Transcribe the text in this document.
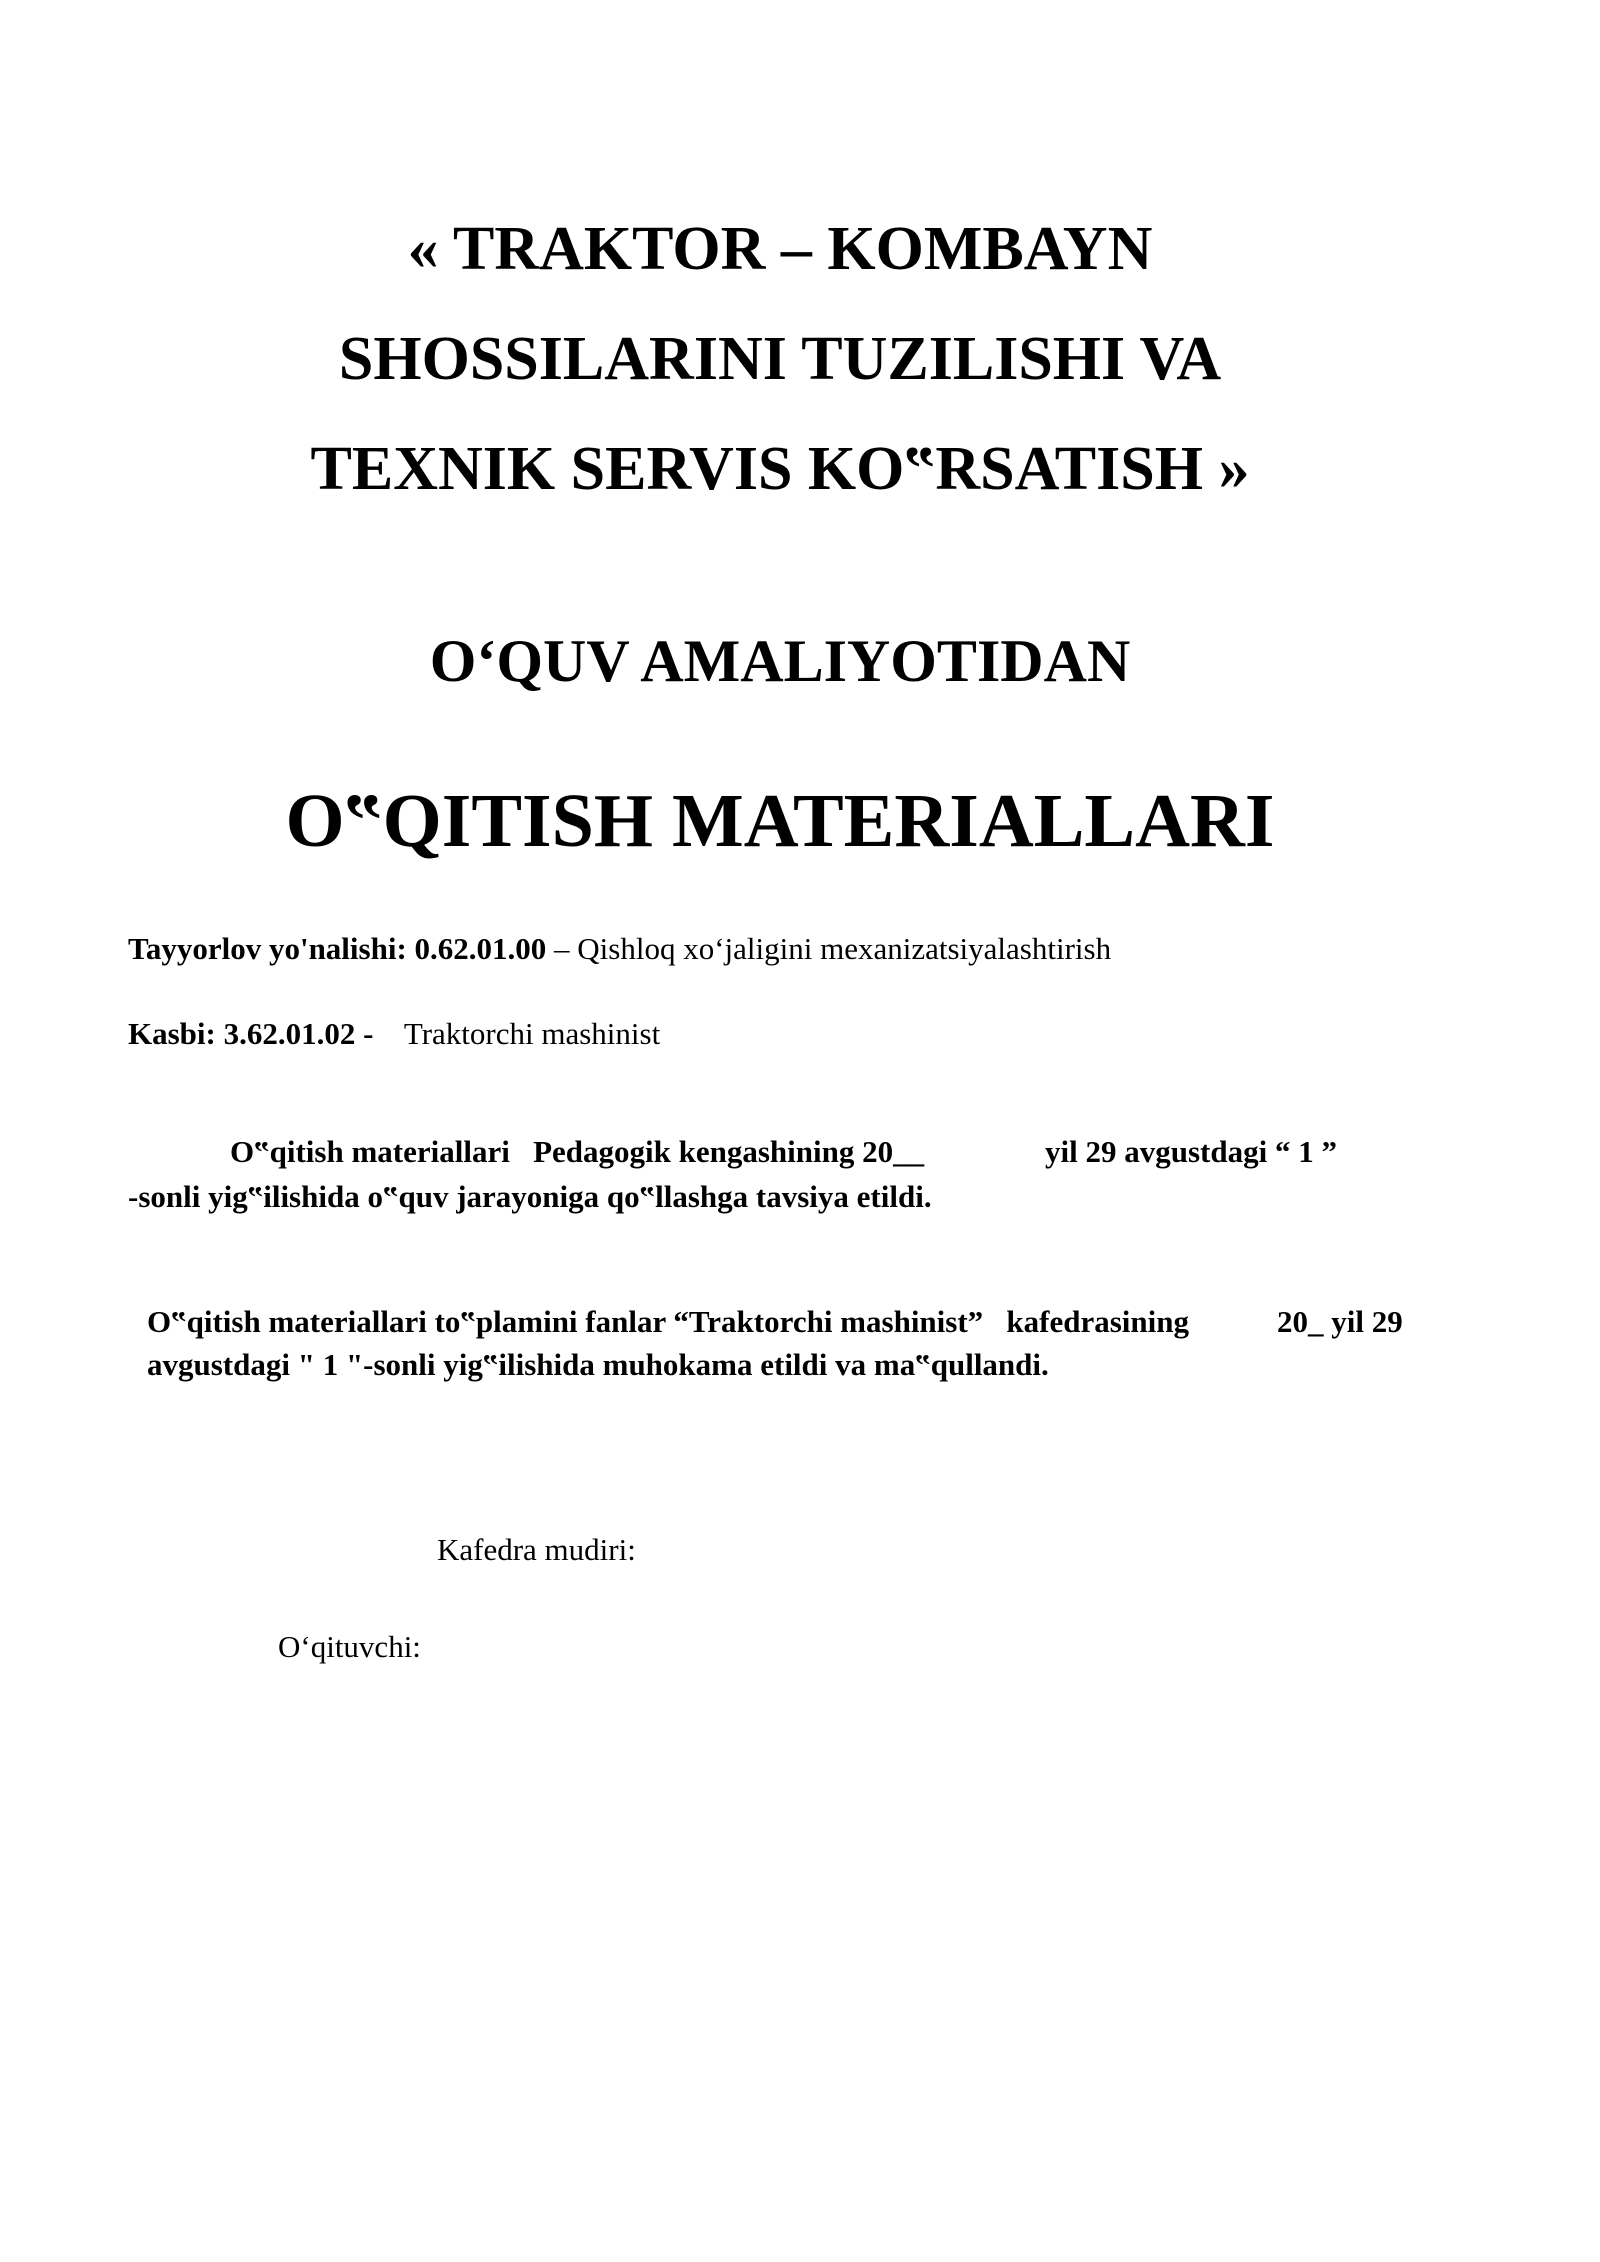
« TRAKTOR – KOMBAYN
SHOSSILARINI TUZILISHI VA
TEXNIK SERVIS KO‟RSATISH »
O‘QUV AMALIYOTIDAN
O‟QITISH MATERIALLARI
Tayyorlov yo'nalishi: 0.62.01.00 – Qishloq xo‘jaligini mexanizatsiyalashtirish
Kasbi: 3.62.01.02 -    Traktorchi mashinist
O‟qitish materiallari   Pedagogik kengashining 20__	yil 29 avgustdagi “ 1 ”
-sonli yig‟ilishida o‟quv jarayoniga qo‟llashga tavsiya etildi.
O‟qitish materiallari to‟plamini fanlar “Traktorchi mashinist”   kafedrasining	20_ yil 29
avgustdagi " 1 "-sonli yig‟ilishida muhokama etildi va ma‟qullandi.
Kafedra mudiri:
O‘qituvchi:
